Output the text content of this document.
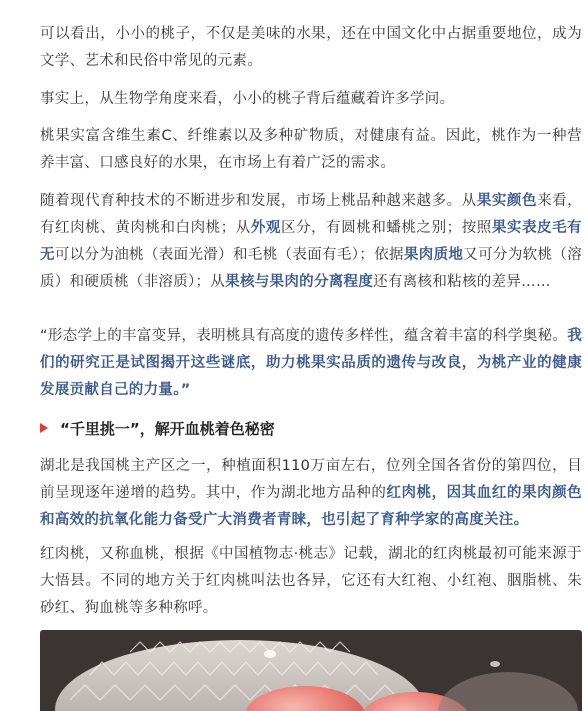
可以看出，小小的桃子，不仅是美味的水果，还在中国文化中占据重要地位，成为文学、艺术和民俗中常见的元素。

事实上，从生物学角度来看，小小的桃子背后蕴藏着许多学问。

桃果实富含维生素C、纤维素以及多种矿物质，对健康有益。因此，桃作为一种营养丰富、口感良好的水果，在市场上有着广泛的需求。

随着现代育种技术的不断进步和发展，市场上桃品种越来越多。从果实颜色来看，有红肉桃、黄肉桃和白肉桃；从外观区分，有圆桃和蟠桃之别；按照果实表皮毛有无可以分为油桃（表面光滑）和毛桃（表面有毛）；依据果肉质地又可分为软桃（溶质）和硬质桃（非溶质）；从果核与果肉的分离程度还有离核和粘核的差异……

“形态学上的丰富变异，表明桃具有高度的遗传多样性，蕴含着丰富的科学奥秘。我们的研究正是试图揭开这些谜底，助力桃果实品质的遗传与改良，为桃产业的健康发展贡献自己的力量。”

“千里挑一”，解开血桃着色秘密

湖北是我国桃主产区之一，种植面积110万亩左右，位列全国各省份的第四位，目前呈现逐年递增的趋势。其中，作为湖北地方品种的红肉桃，因其血红的果肉颜色和高效的抗氧化能力备受广大消费者青睐，也引起了育种学家的高度关注。

红肉桃，又称血桃，根据《中国植物志·桃志》记载，湖北的红肉桃最初可能来源于大悟县。不同的地方关于红肉桃叫法也各异，它还有大红袍、小红袍、胭脂桃、朱砂红、狗血桃等多种称呼。
